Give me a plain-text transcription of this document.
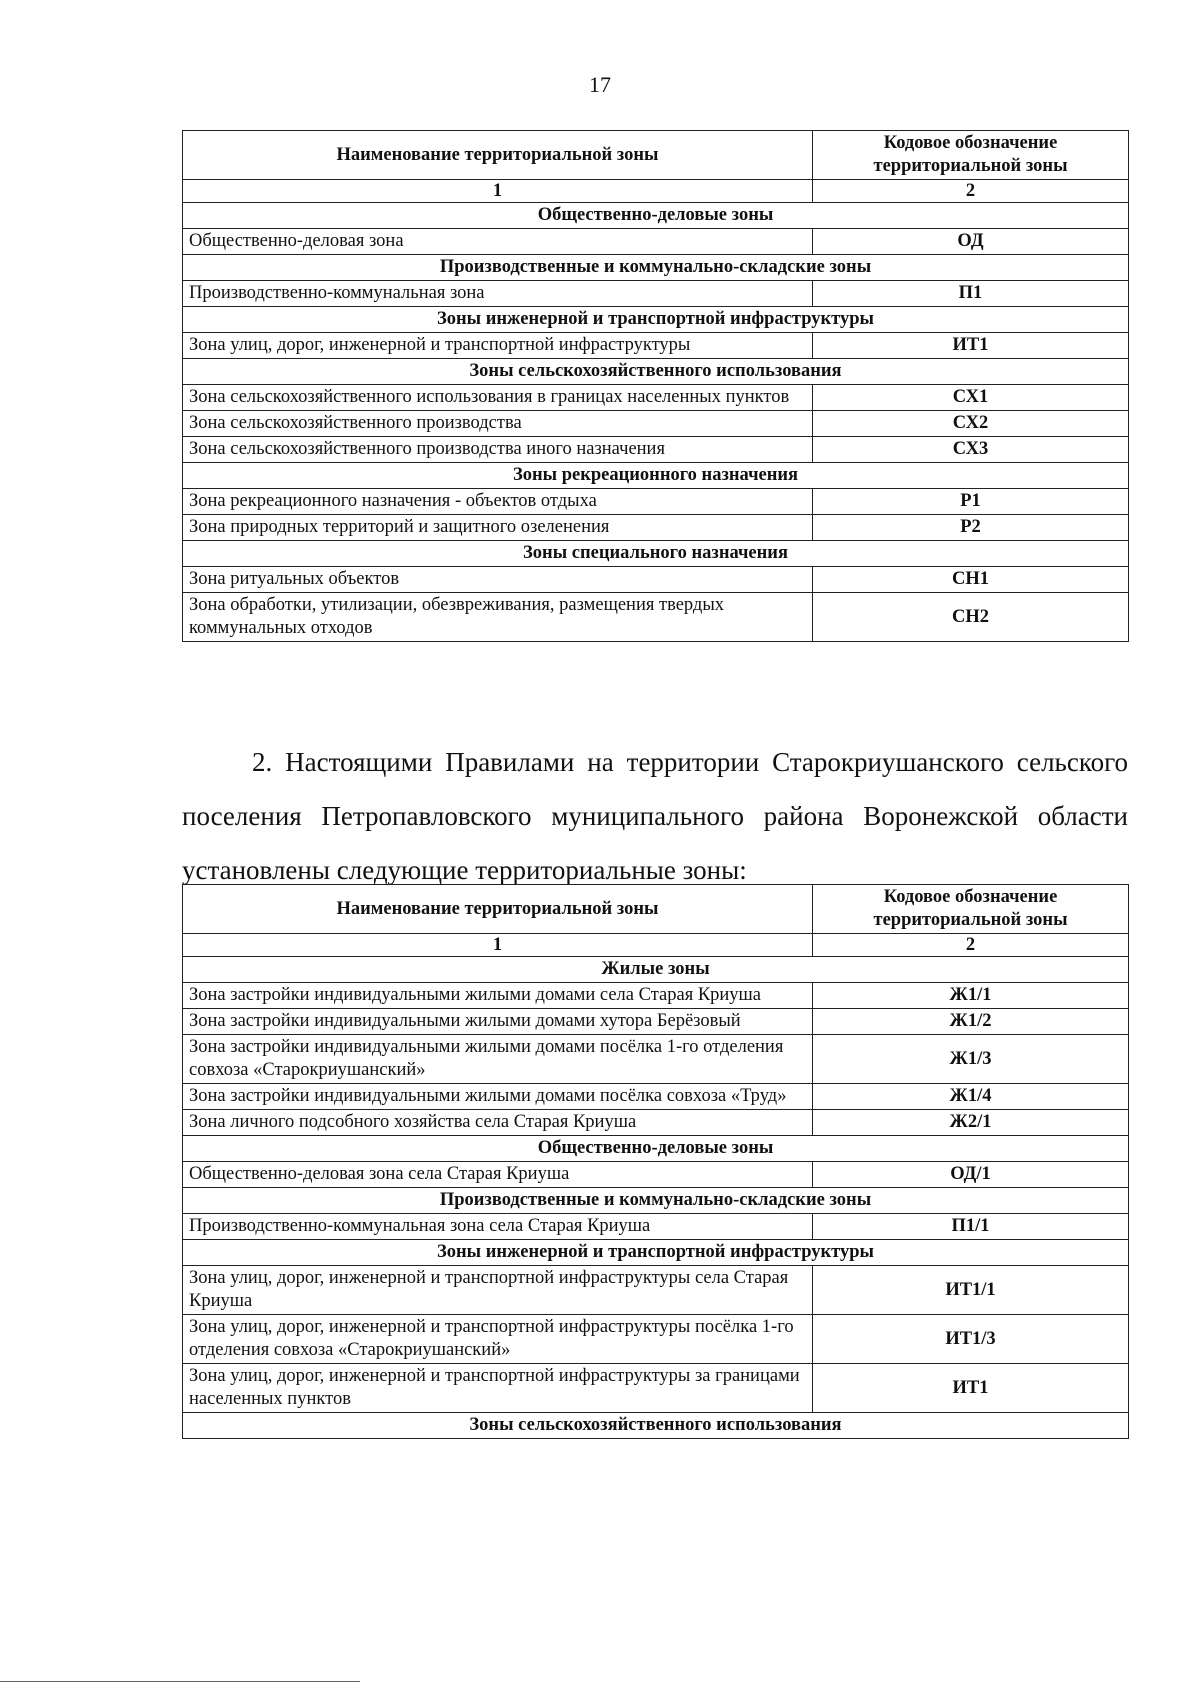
17
Наименование территориальной зоны	Кодовое обозначение территориальной зоны
1	2
Общественно-деловые зоны	
Общественно-деловая зона	ОД
Производственные и коммунально-складские зоны	
Производственно-коммунальная зона	П1
Зоны инженерной и транспортной инфраструктуры	
Зона улиц, дорог, инженерной и транспортной инфраструктуры	ИТ1
Зоны сельскохозяйственного использования	
Зона сельскохозяйственного использования в границах населенных пунктов	СХ1
Зона сельскохозяйственного производства	СХ2
Зона сельскохозяйственного производства иного назначения	СХ3
Зоны рекреационного назначения	
Зона рекреационного назначения - объектов отдыха	Р1
Зона природных территорий и защитного озеленения	Р2
Зоны специального назначения	
Зона ритуальных объектов	СН1
Зона обработки, утилизации, обезвреживания, размещения твердых коммунальных отходов	СН2
2. Настоящими Правилами на территории Старокриушанского сельского поселения Петропавловского муниципального района Воронежской области установлены следующие территориальные зоны:
Наименование территориальной зоны	Кодовое обозначение территориальной зоны
1	2
Жилые зоны	
Зона застройки индивидуальными жилыми домами села Старая Криуша	Ж1/1
Зона застройки индивидуальными жилыми домами хутора Берёзовый	Ж1/2
Зона застройки индивидуальными жилыми домами посёлка 1-го отделения совхоза «Старокриушанский»	Ж1/3
Зона застройки индивидуальными жилыми домами посёлка совхоза «Труд»	Ж1/4
Зона личного подсобного хозяйства села Старая Криуша	Ж2/1
Общественно-деловые зоны	
Общественно-деловая зона села Старая Криуша	ОД/1
Производственные и коммунально-складские зоны	
Производственно-коммунальная зона села Старая Криуша	П1/1
Зоны инженерной и транспортной инфраструктуры	
Зона улиц, дорог, инженерной и транспортной инфраструктуры села Старая Криуша	ИТ1/1
Зона улиц, дорог, инженерной и транспортной инфраструктуры посёлка 1-го отделения совхоза «Старокриушанский»	ИТ1/3
Зона улиц, дорог, инженерной и транспортной инфраструктуры за границами населенных пунктов	ИТ1
Зоны сельскохозяйственного использования	
